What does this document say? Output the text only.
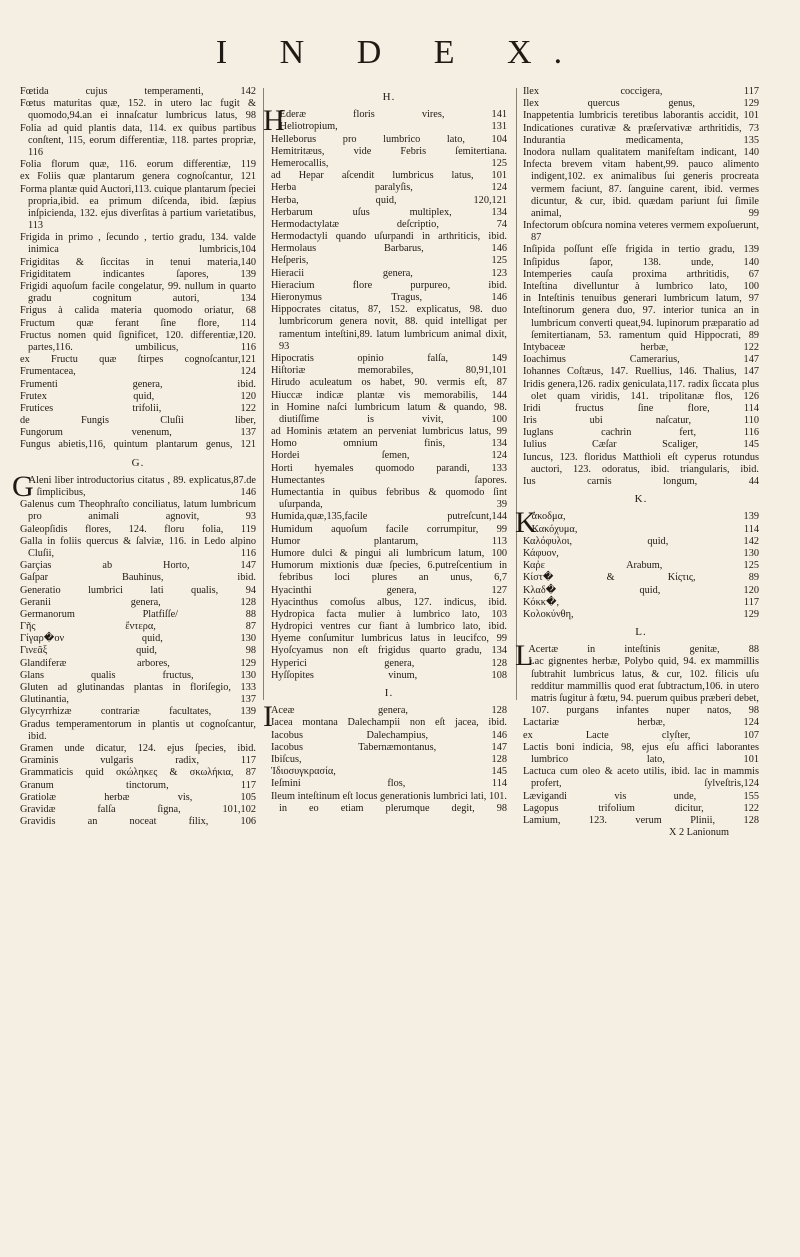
I N D E X.
Fœtida cujus temperamenti, 142
Fœtus maturitas quæ, 152. in utero lac fugit & quomodo,94.an ei innaſcatur lumbricus latus, 98
Folia ad quid plantis data, 114. ex quibus partibus conſtent, 115, eorum differentiæ, 118. partes propriæ, 116
Folia florum quæ, 116. eorum differentiæ, 119
ex Foliis quæ plantarum genera cognoſcantur, 121
Forma plantæ quid Auctori,113. cuique plantarum ſpeciei propria,ibid. ea primum diſcenda, ibid. ſæpius inſpicienda, 132. ejus diverſitas à partium varietatibus, 113
Frigida in primo , ſecundo , tertio gradu, 134. valde inimica lumbricis,104
Frigiditas & ſiccitas in tenui materia,140
Frigiditatem indicantes ſapores, 139
Frigidi aquoſum facile congelatur, 99. nullum in quarto gradu cognitum autori, 134
Frigus à calida materia quomodo oriatur, 68
Fructum quæ ferant ſine flore, 114
Fructus nomen quid ſignificet, 120. differentiæ,120. partes,116. umbilicus, 116
ex Fructu quæ ſtirpes cognoſcantur,121
Frumentacea, 124
Frumenti genera, ibid.
Frutex quid, 120
Frutices trifolii, 122
de Fungis Cluſii liber,
Fungorum venenum, 137
Fungus abietis,116, quintum plantarum genus, 121
G.
G
Aleni liber introductorius citatus , 89. explicatus,87.de ſimplicibus, 146
Galenus cum Theophraſto conciliatus, latum lumbricum pro animali agnovit, 93
Galeopſidis flores, 124. floru folia, 119
Galla in foliis quercus & ſalviæ, 116. in Ledo alpino Cluſii, 116
Garçias ab Horto, 147
Gaſpar Bauhinus, ibid.
Generatio lumbrici lati qualis, 94
Geranii genera, 128
Germanorum Platfiſſe/ 88
Γῆς ἔντερα, 87
Γίγαρ�ον quid, 130
Γινεᾶξ quid, 98
Glandiferæ arbores, 129
Glans qualis fructus, 130
Gluten ad glutinandas plantas in floriſegio, 133
Glutinantia, 137
Glycyrrhizæ contrariæ facultates, 139
Gradus temperamentorum in plantis ut cognoſcantur, ibid.
Gramen unde dicatur, 124. ejus ſpecies, ibid.
Graminis vulgaris radix, 117
Grammaticis quid σκώληκες & σκωλήκια, 87
Granum tinctorum, 117
Gratiolæ herbæ vis, 105
Gravidæ falſa ſigna, 101,102
Gravidis an noceat filix, 106
H.
H
Ederæ floris vires, 141
Heliotropium, 131
Helleborus pro lumbrico lato, 104
Hemitritæus, vide Febris ſemitertiana.
Hemerocallis, 125
ad Hepar aſcendit lumbricus latus, 101
Herba paralyſis, 124
Herba, quid, 120,121
Herbarum uſus multiplex, 134
Hermodactylatæ deſcriptio, 74
Hermodactyli quando uſurpandi in arthriticis, ibid.
Hermolaus Barbarus, 146
Heſperis, 125
Hieracii genera, 123
Hieracium flore purpureo, ibid.
Hieronymus Tragus, 146
Hippocrates citatus, 87, 152. explicatus, 98. duo lumbricorum genera novit, 88. quid intelligat per ramentum inteſtini,89. latum lumbricum animal dixit, 93
Hipocratis opinio falſa, 149
Hiſtoriæ memorabiles, 80,91,101
Hirudo aculeatum os habet, 90. vermis eſt, 87
Hiuccæ indicæ plantæ vis memorabilis, 144
in Homine naſci lumbricum latum & quando, 98. diutiſſime is vivit, 100
ad Hominis ætatem an perveniat lumbricus latus, 99
Homo omnium finis, 134
Hordei ſemen, 124
Horti hyemales quomodo parandi, 133
Humectantes ſapores.
Humectantia in quibus febribus & quomodo ſint uſurpanda, 39
Humida,quæ,135,facile putreſcunt,144
Humidum aquoſum facile corrumpitur, 99
Humor plantarum, 113
Humore dulci & pingui ali lumbricum latum, 100
Humorum mixtionis duæ ſpecies, 6.putreſcentium in febribus loci plures an unus, 6,7
Hyacinthi genera, 127
Hyacinthus comoſus albus, 127. indicus, ibid.
Hydropica facta mulier à lumbrico lato, 103
Hydropici ventres cur fiant à lumbrico lato, ibid.
Hyeme conſumitur lumbricus latus in leucifco, 99
Hyoſcyamus non eſt frigidus quarto gradu, 134
Hyperici genera, 128
Hyſſopites vinum, 108
I.
I
Aceæ genera, 128
Iacea montana Dalechampii non eſt jacea, ibid.
Iacobus Dalechampius, 146
Iacobus Tabernæmontanus, 147
Ibiſcus, 128
Ἰδιοσυγκρασία, 145
Ieſmini flos, 114
Ileum inteſtinum eſt locus generationis lumbrici lati, 101. in eo etiam plerumque degit, 98
Ilex coccigera, 117
Ilex quercus genus, 129
Inappetentia lumbricis teretibus laborantis accidit, 101
Indicationes curativæ & præſervativæ arthritidis, 73
Indurantia medicamenta, 135
Inodora nullam qualitatem manifeſtam indicant, 140
Infecta brevem vitam habent,99. pauco alimento indigent,102. ex animalibus ſui generis procreata vermem faciunt, 87. ſanguine carent, ibid. vermes dicuntur, & cur, ibid. quædam pariunt ſui ſimile animal, 99
Infectorum obſcura nomina veteres vermem expoſuerunt, 87
Inſipida poſſunt eſſe frigida in tertio gradu, 139
Inſipidus ſapor, 138. unde, 140
Intemperies cauſa proxima arthritidis, 67
Inteſtina divelluntur à lumbrico lato, 100
in Inteſtinis tenuibus generari lumbricum latum, 97
Inteſtinorum genera duo, 97. interior tunica an in lumbricum converti queat,94. lupinorum præparatio ad ſemitertianam, 53. ramentum quid Hippocrati, 89
Intybaceæ herbæ, 122
Ioachimus Camerarius, 147
Iohannes Coſtæus, 147. Ruellius, 146. Thalius, 147
Iridis genera,126. radix geniculata,117. radix ſiccata plus olet quam viridis, 141. tripolitanæ flos, 126
Iridi fructus ſine flore, 114
Iris ubi naſcatur, 110
Iuglans cachrin fert, 116
Iulius Cæſar Scaliger, 145
Iuncus, 123. floridus Matthioli eſt cyperus rotundus auctori, 123. odoratus, ibid. triangularis, ibid.
Ius carnis longum, 44
K.
K
ἀκοδμα, 139
Κακόχυμα, 114
Καλόφυλοι, quid, 142
Κάφυον, 130
Καῤε Arabum, 125
Κίστ� & Κίςτις, 89
Κλαδ� quid, 120
Κόκκ�, 117
Κολοκύνθη, 129
L.
L
Acertæ in inteſtinis genitæ, 88
Lac gignentes herbæ, Polybo quid, 94. ex mammillis ſubtrahit lumbricus latus, & cur, 102. filicis uſu redditur mammillis quod erat ſubtractum,106. in utero matris ſugitur à fœtu, 94. puerum quibus præberi debet, 107. purgans infantes nuper natos, 98
Lactariæ herbæ, 124
ex Lacte clyſter, 107
Lactis boni indicia, 98, ejus eſu affici laborantes lumbrico lato, 101
Lactuca cum oleo & aceto utilis, ibid. lac in mammis profert, ſylveſtris,124
Lævigandi vis unde, 155
Lagopus trifolium dicitur, 122
Lamium, 123. verum Plinii, 128
X 2 Lanionum
